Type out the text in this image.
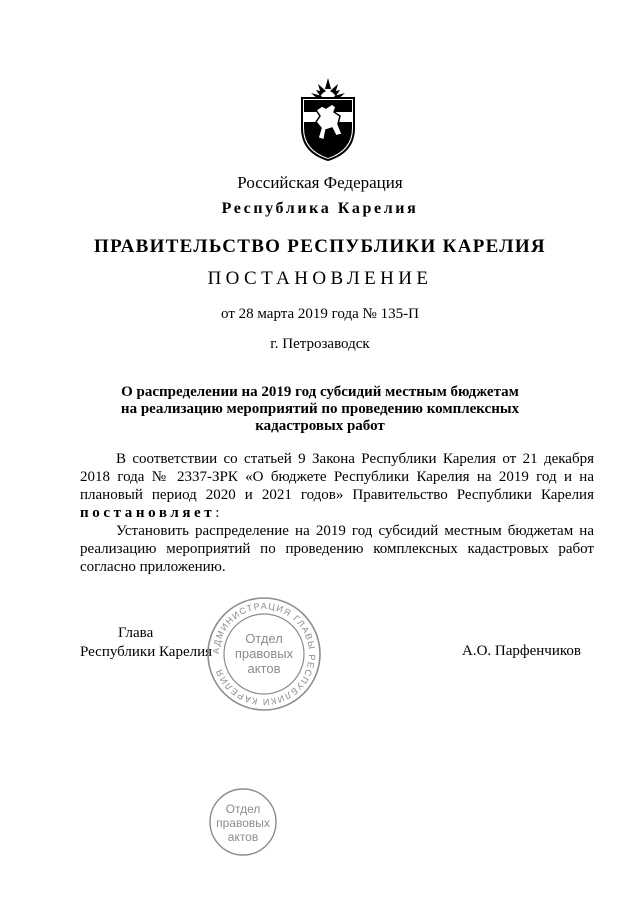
Российская Федерация
Республика Карелия
ПРАВИТЕЛЬСТВО РЕСПУБЛИКИ КАРЕЛИЯ
ПОСТАНОВЛЕНИЕ
от 28 марта 2019 года № 135-П
г. Петрозаводск
О распределении на 2019 год субсидий местным бюджетам
на реализацию мероприятий по проведению комплексных
кадастровых работ

В соответствии со статьей 9 Закона Республики Карелия от 21 декабря 2018 года № 2337-ЗРК «О бюджете Республики Карелия на 2019 год и на плановый период 2020 и 2021 годов» Правительство Республики Карелия постановляет:

Установить распределение на 2019 год субсидий местным бюджетам на реализацию мероприятий по проведению комплексных кадастровых работ согласно приложению.

Глава
Республики Карелия	А.О. Парфенчиков
АДМИНИСТРАЦИЯ ГЛАВЫ РЕСПУБЛИКИ КАРЕЛИЯ
Отдел
правовых
актов
Отдел
правовых
актов
